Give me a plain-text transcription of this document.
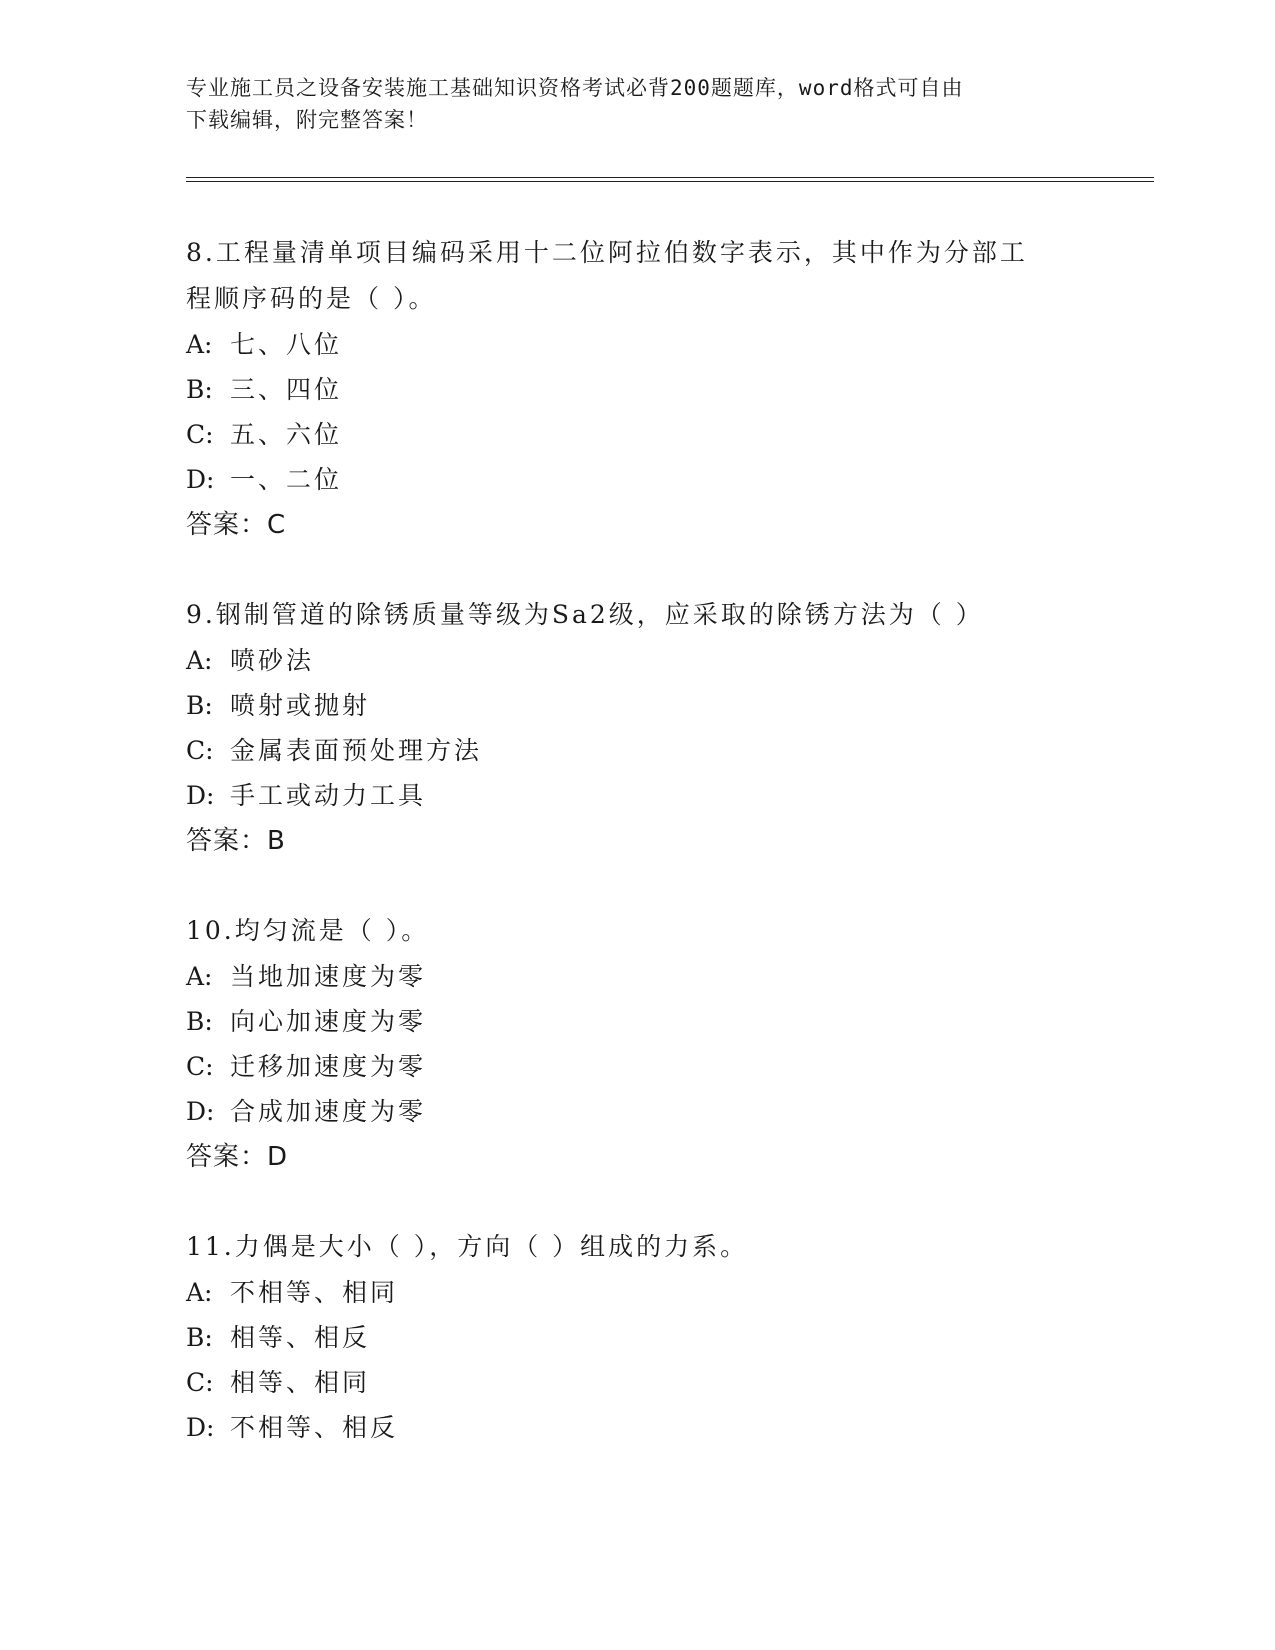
专业施工员之设备安装施工基础知识资格考试必背200题题库，word格式可自由
下载编辑，附完整答案！
8.工程量清单项目编码采用十二位阿拉伯数字表示，其中作为分部工
程顺序码的是（ ）。
A: 七、八位
B: 三、四位
C: 五、六位
D: 一、二位
答案：C
9.钢制管道的除锈质量等级为Sa2级，应采取的除锈方法为（ ）
A: 喷砂法
B: 喷射或抛射
C: 金属表面预处理方法
D: 手工或动力工具
答案：B
10.均匀流是（ ）。
A: 当地加速度为零
B: 向心加速度为零
C: 迁移加速度为零
D: 合成加速度为零
答案：D
11.力偶是大小（ ），方向（ ）组成的力系。
A: 不相等、相同
B: 相等、相反
C: 相等、相同
D: 不相等、相反
